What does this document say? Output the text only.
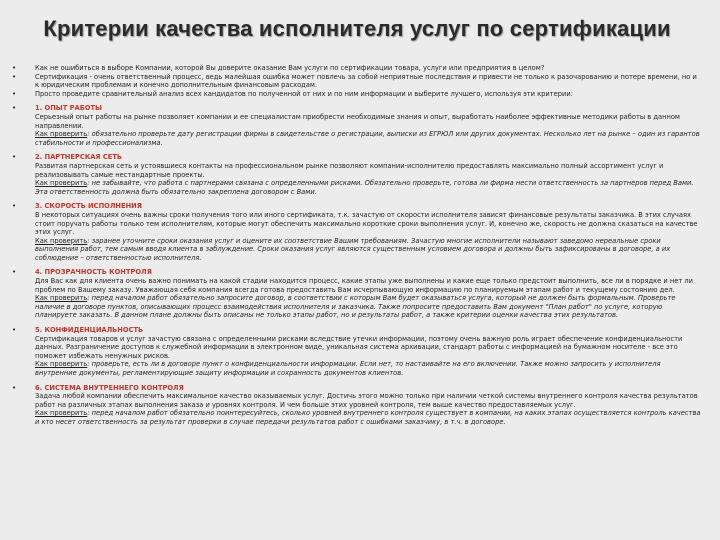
Критерии качества исполнителя услуг по сертификации
•	Как не ошибиться в выборе Компании, которой Вы доверите оказание Вам услуги по сертификации товара, услуги или предприятия в целом?
•	Сертификация - очень ответственный процесс, ведь малейшая ошибка может повлечь за собой неприятные последствия и привести не только к разочарованию и потере времени, но и к юридическим проблемам и конечно дополнительным финансовым расходам.
•	Просто проведите сравнительный анализ всех кандидатов по полученной от них и по ним информации и выберите лучшего, используя эти критерии:
•	1. ОПЫТ РАБОТЫ
Серьезный опыт работы на рынке позволяет компании и ее специалистам приобрести необходимые знания и опыт, выработать наиболее эффективные методики работы в данном направлении.
Как проверить: обязательно проверьте дату регистрации фирмы в свидетельстве о регистрации, выписки из ЕГРЮЛ или других документах. Несколько лет на рынке – один из гарантов стабильности и профессионализма.
•	2. ПАРТНЕРСКАЯ СЕТЬ
Развитая партнерская сеть и устоявшиеся контакты на профессиональном рынке позволяют компании-исполнителю предоставлять максимально полный ассортимент услуг и реализовывать самые нестандартные проекты.
Как проверить: не забывайте, что работа с партнерами связана с определенными рисками. Обязательно проверьте, готова ли фирма нести ответственность за партнеров перед Вами. Эта ответственность должна быть обязательно закреплена договором с Вами.
•	3. СКОРОСТЬ ИСПОЛНЕНИЯ
В некоторых ситуациях очень важны сроки получения того или иного сертификата, т.к. зачастую от скорости исполнителя зависят финансовые результаты заказчика. В этих случаях стоит поручать работы только тем исполнителям, которые могут обеспечить максимально короткие сроки выполнения услуг. И, конечно же, скорость не должна сказаться на качестве этих услуг.
Как проверить: заранее уточните сроки оказания услуг и оцените их соответствие Вашим требованиям. Зачастую многие исполнители называют заведомо нереальные сроки выполнения работ, тем самым вводя клиента в заблуждение. Сроки оказания услуг являются существенным условием договора и должны быть зафиксированы в договоре, а их соблюдение – ответственностью исполнителя.
•	4. ПРОЗРАЧНОСТЬ КОНТРОЛЯ
Для Вас как для клиента очень важно понимать на какой стадии находится процесс, какие этапы уже выполнены и какие еще только предстоит выполнить, все ли в порядке и нет ли проблем по Вашему заказу. Уважающая себя компания всегда готова предоставить Вам исчерпывающую информацию по планируемым этапам работ и текущему состоянию дел.
Как проверить: перед началом работ обязательно запросите договор, в соответствии с которым Вам будет оказываться услуга, который не должен быть формальным. Проверьте наличие в договоре пунктов, описывающих процесс взаимодействия исполнителя и заказчика. Также попросите предоставить Вам документ "План работ" по услуге, которую планируете заказать. В данном плане должны быть описаны не только этапы работ, но и результаты работ, а также критерии оценки качества этих результатов.
•	5. КОНФИДЕНЦИАЛЬНОСТЬ
Сертификация товаров и услуг зачастую связана с определенными рисками вследствие утечки информации, поэтому очень важную роль играет обеспечение конфиденциальности данных. Разграничение доступов к служебной информации в электронном виде, уникальная система архивации, стандарт работы с информацией на бумажном носителе - все это поможет избежать ненужных рисков.
Как проверить: проверьте, есть ли в договоре пункт о конфиденциальности информации. Если нет, то настаивайте на его включении. Также можно запросить у исполнителя внутренние документы, регламентирующие защиту информации и сохранность документов клиентов.
•	6. СИСТЕМА ВНУТРЕННЕГО КОНТРОЛЯ
Задача любой компании обеспечить максимальное качество оказываемых услуг. Достичь этого можно только при наличии четкой системы внутреннего контроля качества результатов работ на различных этапах выполнения заказа и уровнях контроля. И чем больше этих уровней контроля, тем выше качество предоставляемых услуг.
Как проверить: перед началом работ обязательно поинтересуйтесь, сколько уровней внутреннего контроля существует в компании, на каких этапах осуществляется контроль качества и кто несет ответственность за результат проверки в случае передачи результатов работ с ошибками заказчику, в т.ч. в договоре.
